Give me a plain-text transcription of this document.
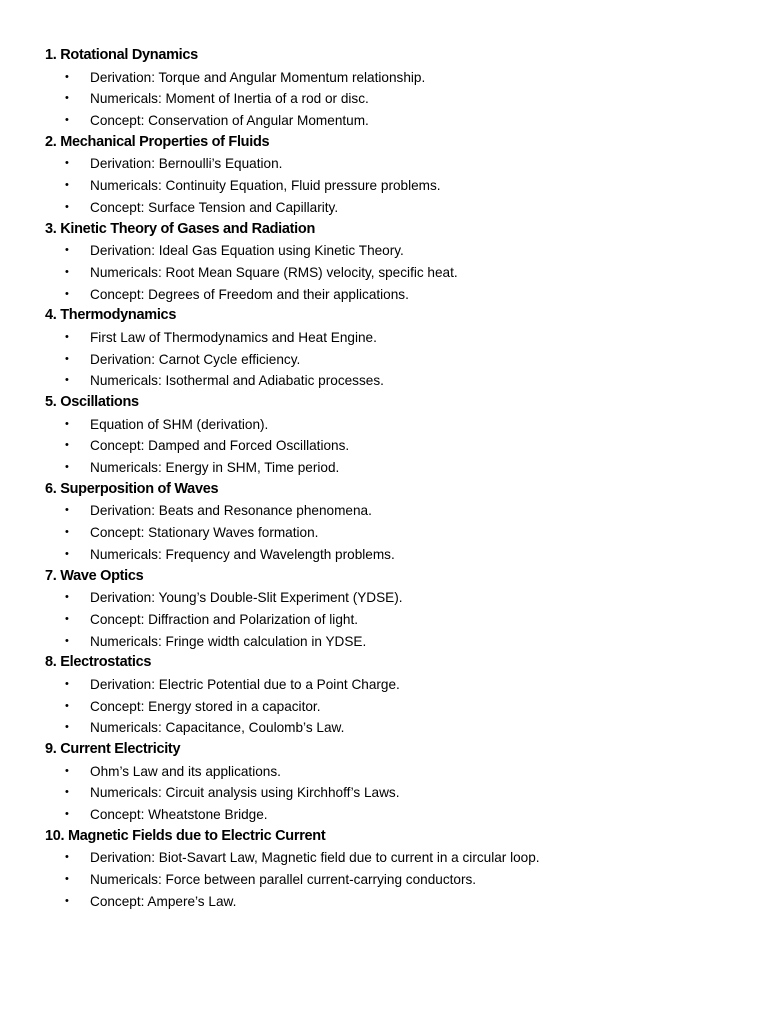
1. Rotational Dynamics
• Derivation: Torque and Angular Momentum relationship.
• Numericals: Moment of Inertia of a rod or disc.
• Concept: Conservation of Angular Momentum.
2. Mechanical Properties of Fluids
• Derivation: Bernoulli’s Equation.
• Numericals: Continuity Equation, Fluid pressure problems.
• Concept: Surface Tension and Capillarity.
3. Kinetic Theory of Gases and Radiation
• Derivation: Ideal Gas Equation using Kinetic Theory.
• Numericals: Root Mean Square (RMS) velocity, specific heat.
• Concept: Degrees of Freedom and their applications.
4. Thermodynamics
• First Law of Thermodynamics and Heat Engine.
• Derivation: Carnot Cycle efficiency.
• Numericals: Isothermal and Adiabatic processes.
5. Oscillations
• Equation of SHM (derivation).
• Concept: Damped and Forced Oscillations.
• Numericals: Energy in SHM, Time period.
6. Superposition of Waves
• Derivation: Beats and Resonance phenomena.
• Concept: Stationary Waves formation.
• Numericals: Frequency and Wavelength problems.
7. Wave Optics
• Derivation: Young’s Double-Slit Experiment (YDSE).
• Concept: Diffraction and Polarization of light.
• Numericals: Fringe width calculation in YDSE.
8. Electrostatics
• Derivation: Electric Potential due to a Point Charge.
• Concept: Energy stored in a capacitor.
• Numericals: Capacitance, Coulomb’s Law.
9. Current Electricity
• Ohm’s Law and its applications.
• Numericals: Circuit analysis using Kirchhoff’s Laws.
• Concept: Wheatstone Bridge.
10. Magnetic Fields due to Electric Current
• Derivation: Biot-Savart Law, Magnetic field due to current in a circular loop.
• Numericals: Force between parallel current-carrying conductors.
• Concept: Ampere’s Law.
